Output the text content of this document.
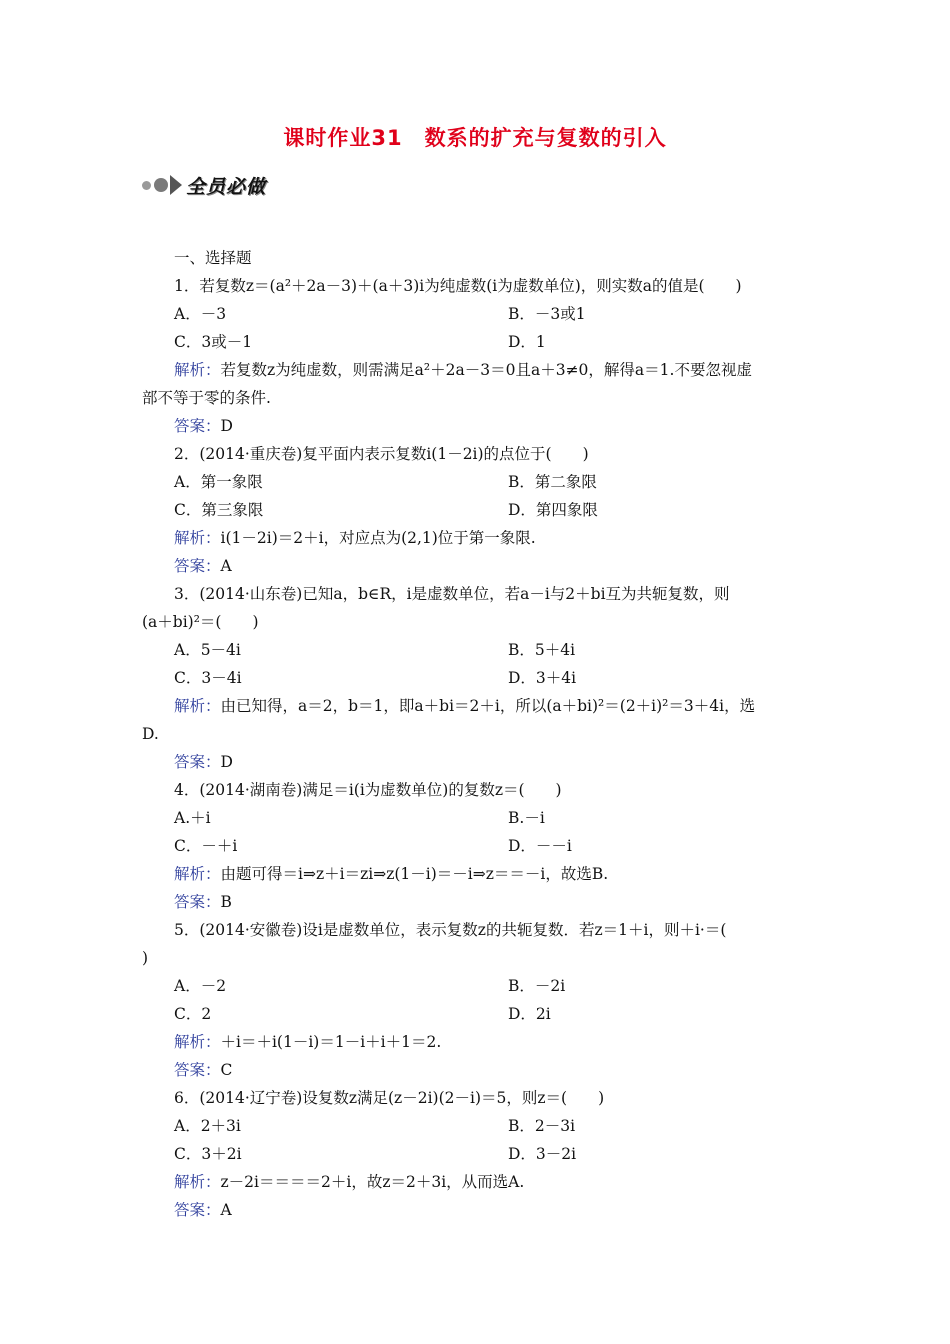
课时作业31　数系的扩充与复数的引入
全员必做
一、选择题
1．若复数z＝(a²＋2a－3)＋(a＋3)i为纯虚数(i为虚数单位)，则实数a的值是(　　)
A．－3	B．－3或1
C．3或－1	D．1
解析：若复数z为纯虚数，则需满足a²＋2a－3＝0且a＋3≠0，解得a＝1.不要忽视虚
部不等于零的条件.
答案：D
2．(2014·重庆卷)复平面内表示复数i(1－2i)的点位于(　　)
A．第一象限	B．第二象限
C．第三象限	D．第四象限
解析：i(1－2i)＝2＋i，对应点为(2,1)位于第一象限.
答案：A
3．(2014·山东卷)已知a，b∈R，i是虚数单位，若a－i与2＋bi互为共轭复数，则
(a＋bi)²＝(　　)
A．5－4i	B．5＋4i
C．3－4i	D．3＋4i
解析：由已知得，a＝2，b＝1，即a＋bi＝2＋i，所以(a＋bi)²＝(2＋i)²＝3＋4i，选
D.
答案：D
4．(2014·湖南卷)满足＝i(i为虚数单位)的复数z＝(　　)
A.＋i	B.－i
C．－＋i	D．－－i
解析：由题可得＝i⇒z＋i＝zi⇒z(1－i)＝－i⇒z＝＝－i，故选B.
答案：B
5．(2014·安徽卷)设i是虚数单位，表示复数z的共轭复数．若z＝1＋i，则＋i·＝(
)
A．－2	B．－2i
C．2	D．2i
解析：＋i＝＋i(1－i)＝1－i＋i＋1＝2.
答案：C
6．(2014·辽宁卷)设复数z满足(z－2i)(2－i)＝5，则z＝(　　)
A．2＋3i	B．2－3i
C．3＋2i	D．3－2i
解析：z－2i＝＝＝＝2＋i，故z＝2＋3i，从而选A.
答案：A
